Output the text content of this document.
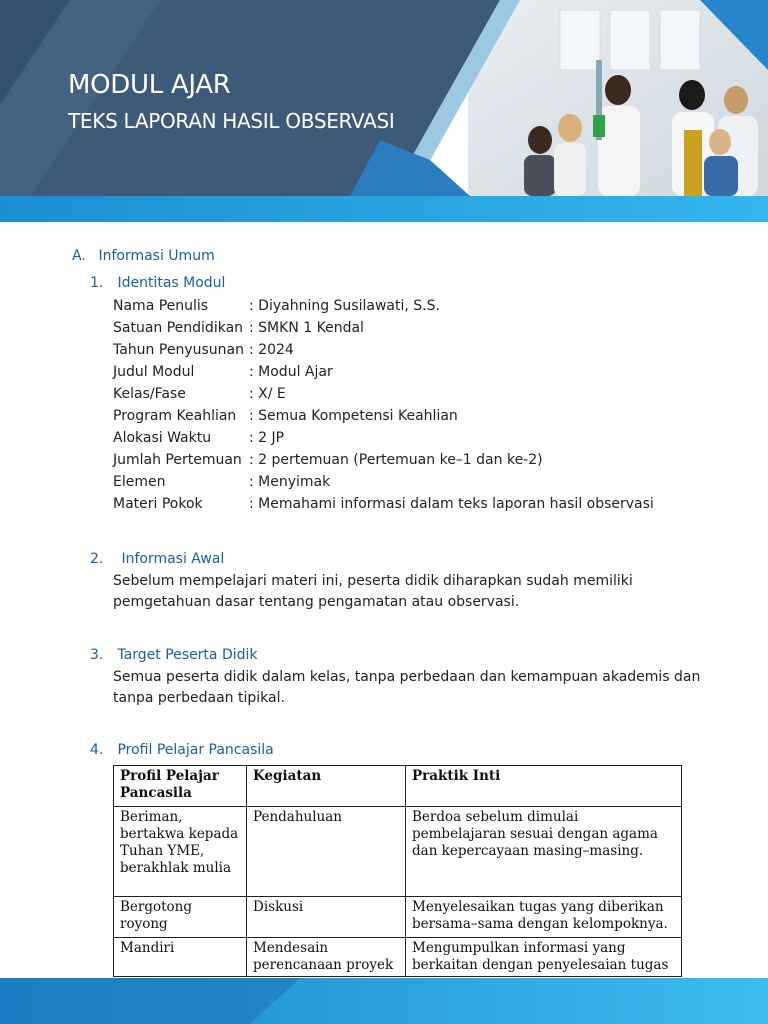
MODUL AJAR
TEKS LAPORAN HASIL OBSERVASI
A. Informasi Umum
1. Identitas Modul
Nama Penulis	: Diyahning Susilawati, S.S.
Satuan Pendidikan : SMKN 1 Kendal
Tahun Penyusunan : 2024
Judul Modul	: Modul Ajar
Kelas/Fase	: X/ E
Program Keahlian : Semua Kompetensi Keahlian
Alokasi Waktu	: 2 JP
Jumlah Pertemuan : 2 pertemuan (Pertemuan ke–1 dan ke-2)
Elemen	: Menyimak
Materi Pokok	: Memahami informasi dalam teks laporan hasil observasi
2. Informasi Awal
Sebelum mempelajari materi ini, peserta didik diharapkan sudah memiliki pemgetahuan dasar tentang pengamatan atau observasi.
3. Target Peserta Didik
Semua peserta didik dalam kelas, tanpa perbedaan dan kemampuan akademis dan tanpa perbedaan tipikal.
4. Profil Pelajar Pancasila
Profil Pelajar Pancasila	Kegiatan	Praktik Inti
Beriman, bertakwa kepada Tuhan YME, berakhlak mulia	Pendahuluan	Berdoa sebelum dimulai pembelajaran sesuai dengan agama dan kepercayaan masing–masing.
Bergotong royong	Diskusi	Menyelesaikan tugas yang diberikan bersama–sama dengan kelompoknya.
Mandiri	Mendesain perencanaan proyek	Mengumpulkan informasi yang berkaitan dengan penyelesaian tugas
